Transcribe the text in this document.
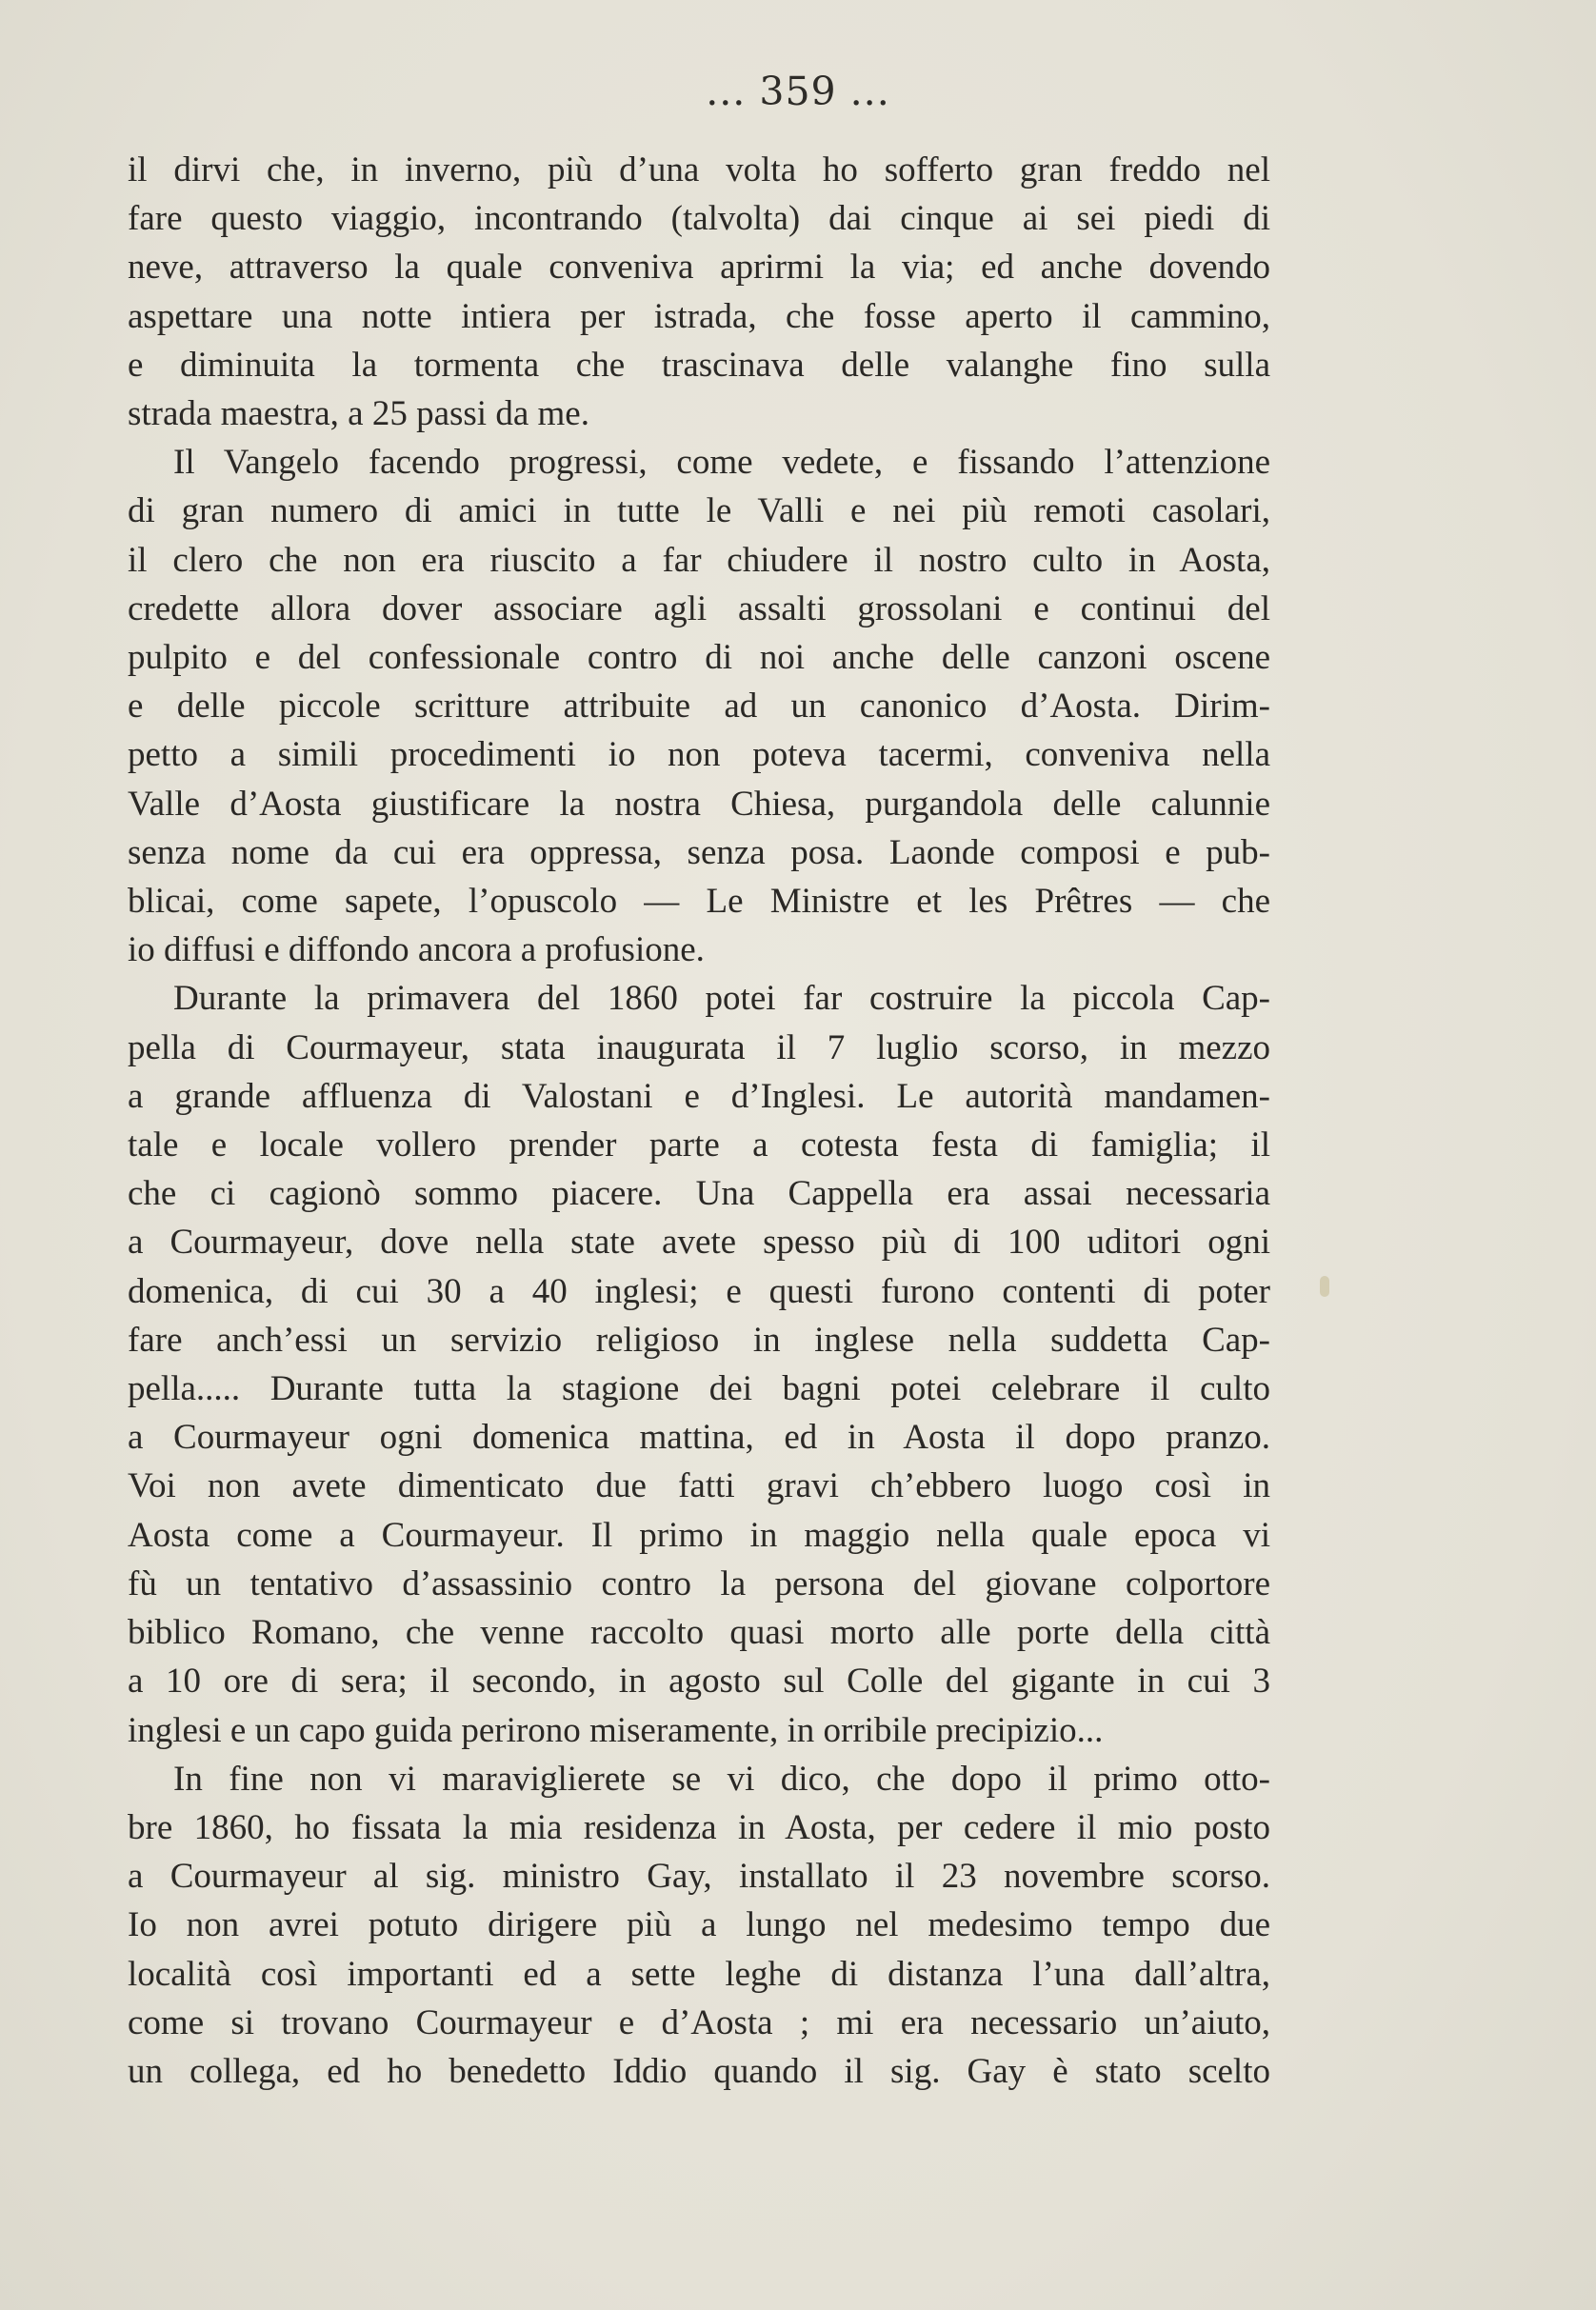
... 359 ...

il dirvi che, in inverno, più d’una volta ho sofferto gran freddo nel
fare questo viaggio, incontrando (talvolta) dai cinque ai sei piedi di
neve, attraverso la quale conveniva aprirmi la via; ed anche dovendo
aspettare una notte intiera per istrada, che fosse aperto il cammino,
e diminuita la tormenta che trascinava delle valanghe fino sulla
strada maestra, a 25 passi da me.

Il Vangelo facendo progressi, come vedete, e fissando l’attenzione
di gran numero di amici in tutte le Valli e nei più remoti casolari,
il clero che non era riuscito a far chiudere il nostro culto in Aosta,
credette allora dover associare agli assalti grossolani e continui del
pulpito e del confessionale contro di noi anche delle canzoni oscene
e delle piccole scritture attribuite ad un canonico d’Aosta. Dirim-
petto a simili procedimenti io non poteva tacermi, conveniva nella
Valle d’Aosta giustificare la nostra Chiesa, purgandola delle calunnie
senza nome da cui era oppressa, senza posa. Laonde composi e pub-
blicai, come sapete, l’opuscolo — Le Ministre et les Prêtres — che
io diffusi e diffondo ancora a profusione.

Durante la primavera del 1860 potei far costruire la piccola Cap-
pella di Courmayeur, stata inaugurata il 7 luglio scorso, in mezzo
a grande affluenza di Valostani e d’Inglesi. Le autorità mandamen-
tale e locale vollero prender parte a cotesta festa di famiglia; il
che ci cagionò sommo piacere. Una Cappella era assai necessaria
a Courmayeur, dove nella state avete spesso più di 100 uditori ogni
domenica, di cui 30 a 40 inglesi; e questi furono contenti di poter
fare anch’essi un servizio religioso in inglese nella suddetta Cap-
pella..... Durante tutta la stagione dei bagni potei celebrare il culto
a Courmayeur ogni domenica mattina, ed in Aosta il dopo pranzo.
Voi non avete dimenticato due fatti gravi ch’ebbero luogo così in
Aosta come a Courmayeur. Il primo in maggio nella quale epoca vi
fù un tentativo d’assassinio contro la persona del giovane colportore
biblico Romano, che venne raccolto quasi morto alle porte della città
a 10 ore di sera; il secondo, in agosto sul Colle del gigante in cui 3
inglesi e un capo guida perirono miseramente, in orribile precipizio...

In fine non vi maraviglierete se vi dico, che dopo il primo otto-
bre 1860, ho fissata la mia residenza in Aosta, per cedere il mio posto
a Courmayeur al sig. ministro Gay, installato il 23 novembre scorso.
Io non avrei potuto dirigere più a lungo nel medesimo tempo due
località così importanti ed a sette leghe di distanza l’una dall’altra,
come si trovano Courmayeur e d’Aosta ; mi era necessario un’aiuto,
un collega, ed ho benedetto Iddio quando il sig. Gay è stato scelto
